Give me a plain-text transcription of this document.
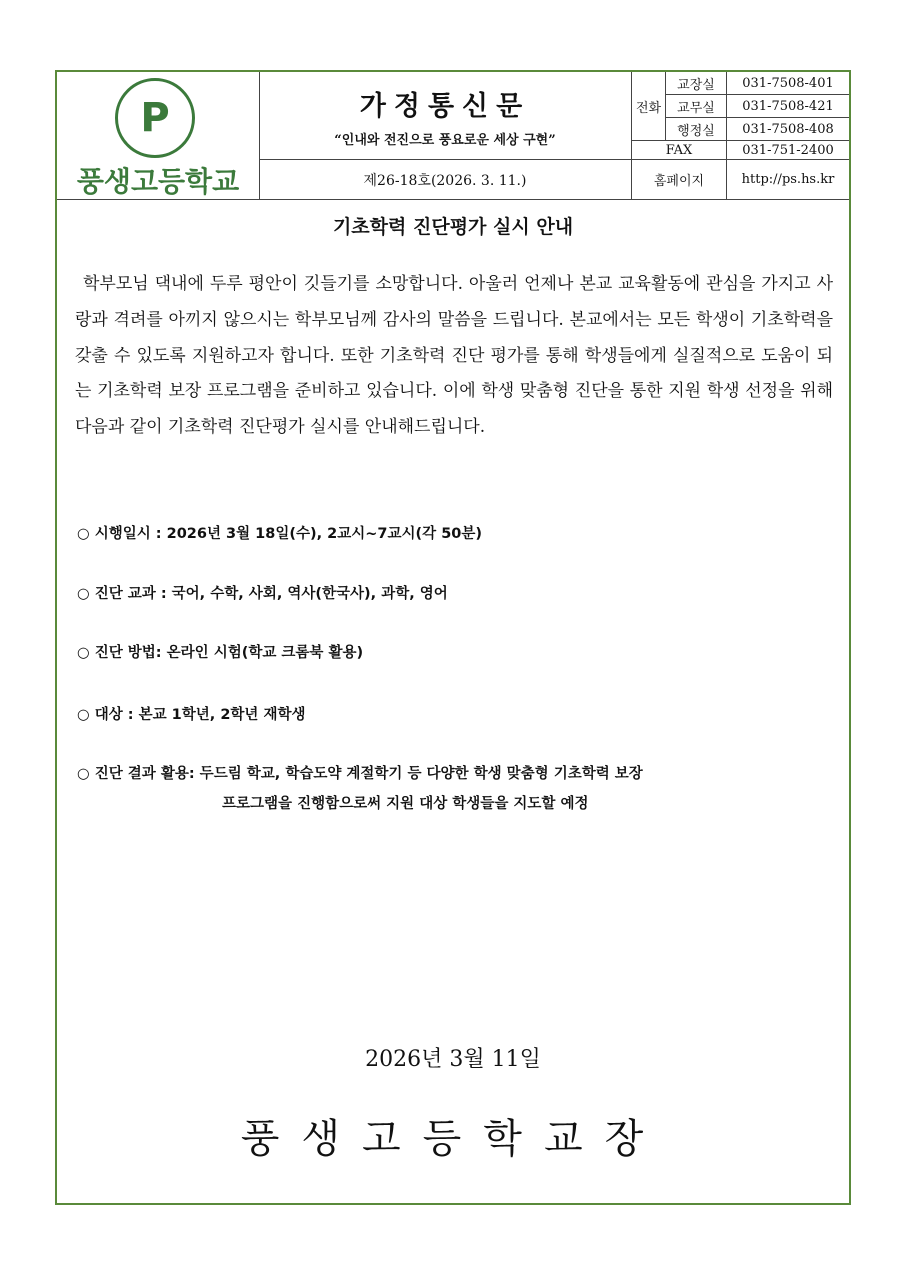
P
풍생고등학교
가정통신문
“인내와 전진으로 풍요로운 세상 구현”
제26-18호(2026. 3. 11.)
전화
교장실	031-7508-401
교무실	031-7508-421
행정실	031-7508-408
FAX	031-751-2400
홈페이지	http://ps.hs.kr
기초학력 진단평가 실시 안내
학부모님 댁내에 두루 평안이 깃들기를 소망합니다. 아울러 언제나 본교 교육활동에 관심을 가지고 사랑과 격려를 아끼지 않으시는 학부모님께 감사의 말씀을 드립니다. 본교에서는 모든 학생이 기초학력을 갖출 수 있도록 지원하고자 합니다. 또한 기초학력 진단 평가를 통해 학생들에게 실질적으로 도움이 되는 기초학력 보장 프로그램을 준비하고 있습니다. 이에 학생 맞춤형 진단을 통한 지원 학생 선정을 위해 다음과 같이 기초학력 진단평가 실시를 안내해드립니다.
○ 시행일시 : 2026년 3월 18일(수), 2교시~7교시(각 50분)
○ 진단 교과 : 국어, 수학, 사회, 역사(한국사), 과학, 영어
○ 진단 방법: 온라인 시험(학교 크롬북 활용)
○ 대상 : 본교 1학년, 2학년 재학생
○ 진단 결과 활용: 두드림 학교, 학습도약 계절학기 등 다양한 학생 맞춤형 기초학력 보장
프로그램을 진행함으로써 지원 대상 학생들을 지도할 예정
2026년 3월 11일
풍생고등학교장
